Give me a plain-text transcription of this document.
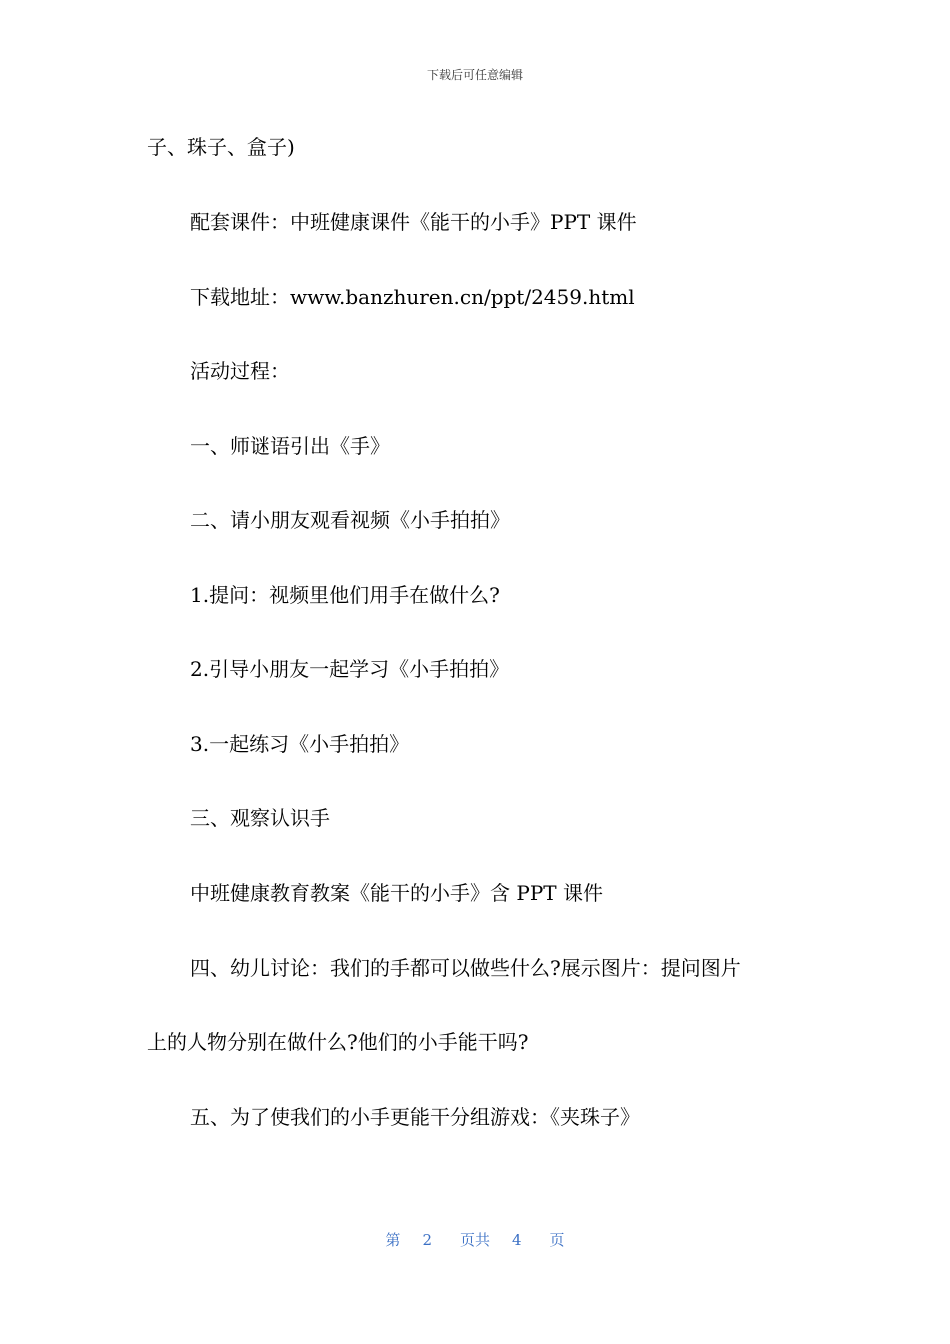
下载后可任意编辑
子、珠子、盒子)
配套课件：中班健康课件《能干的小手》PPT 课件
下载地址：www.banzhuren.cn/ppt/2459.html
活动过程：
一、师谜语引出《手》
二、请小朋友观看视频《小手拍拍》
1.提问：视频里他们用手在做什么?
2.引导小朋友一起学习《小手拍拍》
3.一起练习《小手拍拍》
三、观察认识手
中班健康教育教案《能干的小手》含 PPT 课件
四、幼儿讨论：我们的手都可以做些什么?展示图片：提问图片
上的人物分别在做什么?他们的小手能干吗?
五、为了使我们的小手更能干分组游戏：《夹珠子》
第 2 页共 4 页
